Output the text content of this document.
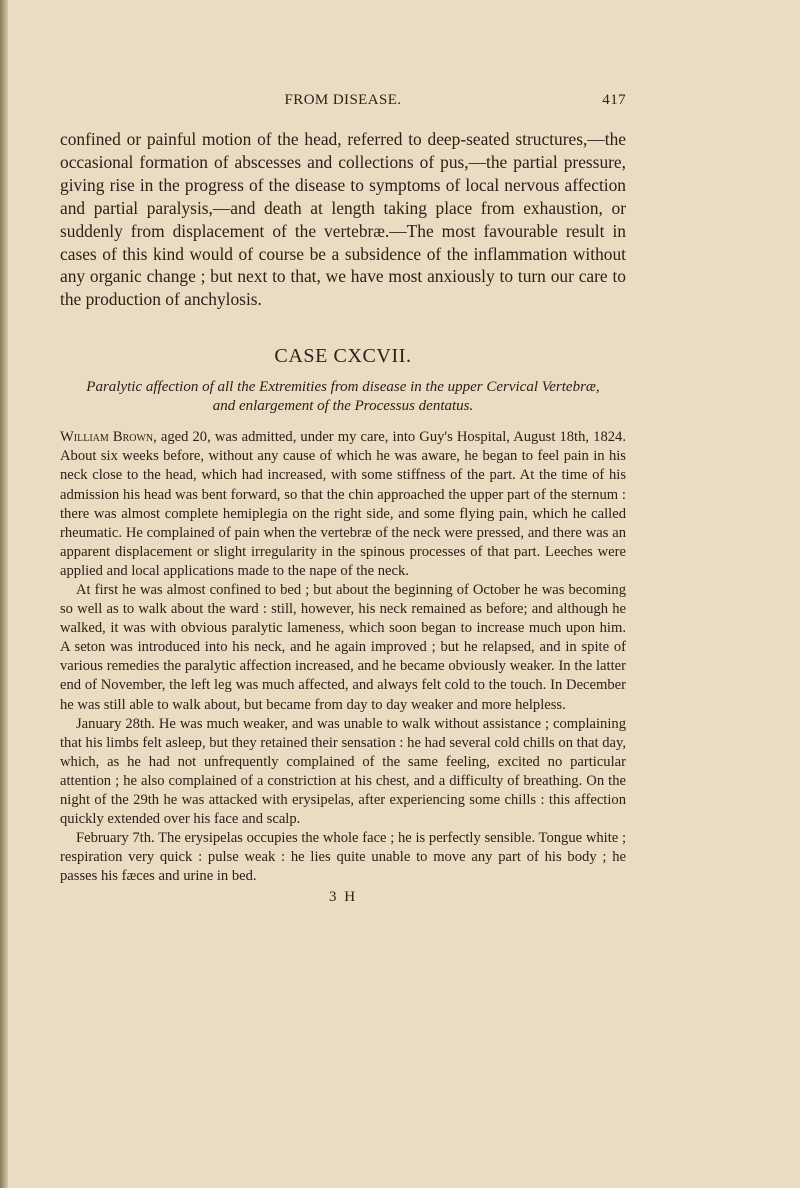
FROM DISEASE.	417

confined or painful motion of the head, referred to deep-seated structures,—the occasional formation of abscesses and collections of pus,—the partial pressure, giving rise in the progress of the disease to symptoms of local nervous affection and partial paralysis,—and death at length taking place from exhaustion, or suddenly from displacement of the vertebræ.—The most favourable result in cases of this kind would of course be a subsidence of the inflammation without any organic change ; but next to that, we have most anxiously to turn our care to the production of anchylosis.

CASE CXCVII.
Paralytic affection of all the Extremities from disease in the upper Cervical Vertebræ,
and enlargement of the Processus dentatus.

William Brown, aged 20, was admitted, under my care, into Guy's Hospital, August 18th, 1824. About six weeks before, without any cause of which he was aware, he began to feel pain in his neck close to the head, which had increased, with some stiffness of the part. At the time of his admission his head was bent forward, so that the chin approached the upper part of the sternum : there was almost complete hemiplegia on the right side, and some flying pain, which he called rheumatic. He complained of pain when the vertebræ of the neck were pressed, and there was an apparent displacement or slight irregularity in the spinous processes of that part. Leeches were applied and local applications made to the nape of the neck.

At first he was almost confined to bed ; but about the beginning of October he was becoming so well as to walk about the ward : still, however, his neck remained as before; and although he walked, it was with obvious paralytic lameness, which soon began to increase much upon him. A seton was introduced into his neck, and he again improved ; but he relapsed, and in spite of various remedies the paralytic affection increased, and he became obviously weaker. In the latter end of November, the left leg was much affected, and always felt cold to the touch. In December he was still able to walk about, but became from day to day weaker and more helpless.

January 28th. He was much weaker, and was unable to walk without assistance ; complaining that his limbs felt asleep, but they retained their sensation : he had several cold chills on that day, which, as he had not unfrequently complained of the same feeling, excited no particular attention ; he also complained of a constriction at his chest, and a difficulty of breathing. On the night of the 29th he was attacked with erysipelas, after experiencing some chills : this affection quickly extended over his face and scalp.

February 7th. The erysipelas occupies the whole face ; he is perfectly sensible. Tongue white ; respiration very quick : pulse weak : he lies quite unable to move any part of his body ; he passes his fæces and urine in bed.

3 H
